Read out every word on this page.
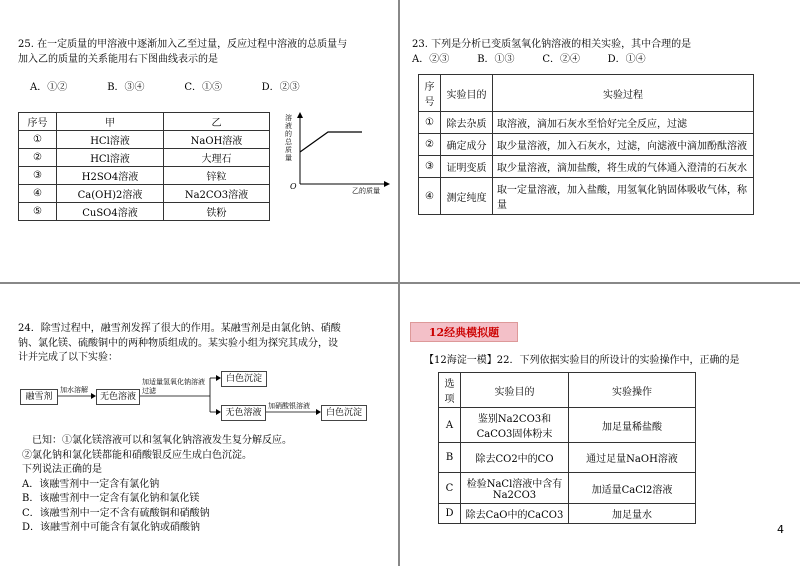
25. 在一定质量的甲溶液中逐渐加入乙至过量，反应过程中溶液的总质量与
加入乙的质量的关系能用右下图曲线表示的是
A．①②	B．③④	C．①⑤	D．②③
序号	甲	乙
①	HCl溶液	NaOH溶液
②	HCl溶液	大理石
③	H2SO4溶液	锌粒
④	Ca(OH)2溶液	Na2CO3溶液
⑤	CuSO4溶液	铁粉
溶液的总质量
O	乙的质量
23. 下列是分析已变质氢氧化钠溶液的相关实验，其中合理的是
A．②③	B．①③	C．②④	D．①④
序号	实验目的	实验过程
①	除去杂质	取溶液，滴加石灰水至恰好完全反应，过滤
②	确定成分	取少量溶液，加入石灰水，过滤，向滤液中滴加酚酞溶液
③	证明变质	取少量溶液，滴加盐酸，将生成的气体通入澄清的石灰水
④	测定纯度	取一定量溶液，加入盐酸，用氢氧化钠固体吸收气体，称量
24．除雪过程中，融雪剂发挥了很大的作用。某融雪剂是由氯化钠、硝酸
钠、氯化镁、硫酸铜中的两种物质组成的。某实验小组为探究其成分，设
计并完成了以下实验：
融雪剂
加水溶解
无色溶液
加适量氢氧化钠溶液 过滤
白色沉淀
无色溶液
加硝酸银溶液
白色沉淀
已知：①氯化镁溶液可以和氢氧化钠溶液发生复分解反应。
②氯化钠和氯化镁都能和硝酸银反应生成白色沉淀。
下列说法正确的是
A．该融雪剂中一定含有氯化钠
B．该融雪剂中一定含有氯化钠和氯化镁
C．该融雪剂中一定不含有硫酸铜和硝酸钠
D．该融雪剂中可能含有氯化钠或硝酸钠
12经典模拟题
【12海淀一模】22．下列依据实验目的所设计的实验操作中，正确的是
选项	实验目的	实验操作
A	鉴别Na2CO3和CaCO3固体粉末	加足量稀盐酸
B	除去CO2中的CO	通过足量NaOH溶液
C	检验NaCl溶液中含有Na2CO3	加适量CaCl2溶液
D	除去CaO中的CaCO3	加足量水
4
